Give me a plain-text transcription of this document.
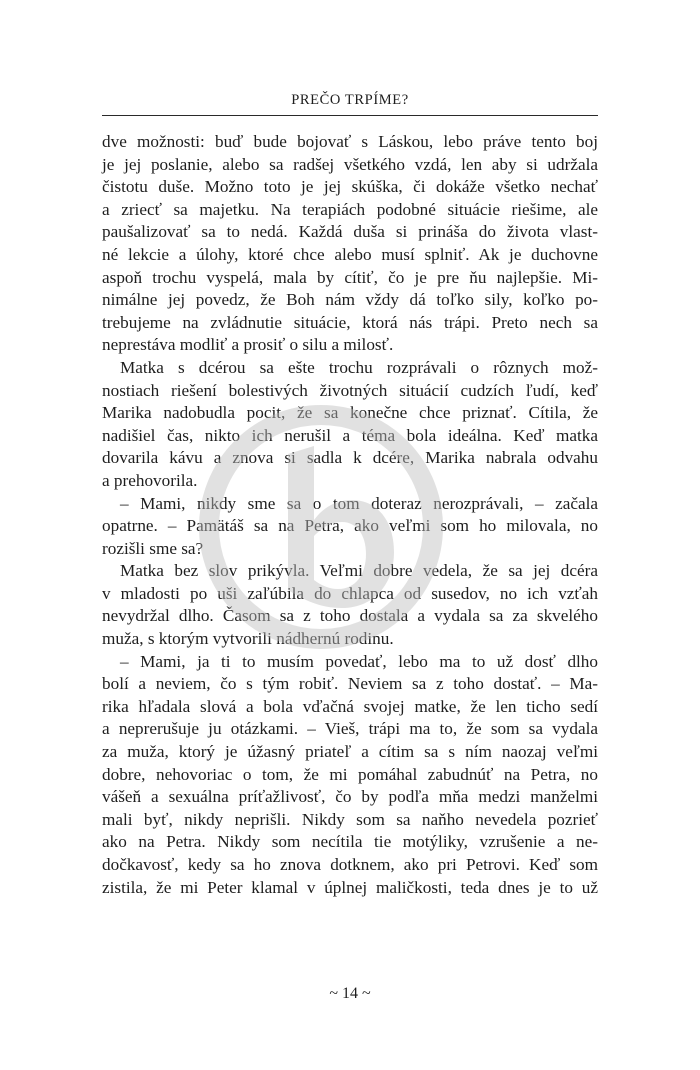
PREČO TRPÍME?
dve možnosti: buď bude bojovať s Láskou, lebo práve tento boj
je jej poslanie, alebo sa radšej všetkého vzdá, len aby si udržala
čistotu duše. Možno toto je jej skúška, či dokáže všetko nechať
a zriecť sa majetku. Na terapiách podobné situácie riešime, ale
paušalizovať sa to nedá. Každá duša si prináša do života vlast-
né lekcie a úlohy, ktoré chce alebo musí splniť. Ak je duchovne
aspoň trochu vyspelá, mala by cítiť, čo je pre ňu najlepšie. Mi-
nimálne jej povedz, že Boh nám vždy dá toľko sily, koľko po-
trebujeme na zvládnutie situácie, ktorá nás trápi. Preto nech sa
neprestáva modliť a prosiť o silu a milosť.
Matka s dcérou sa ešte trochu rozprávali o rôznych mož-
nostiach riešení bolestivých životných situácií cudzích ľudí, keď
Marika nadobudla pocit, že sa konečne chce priznať. Cítila, že
nadišiel čas, nikto ich nerušil a téma bola ideálna. Keď matka
dovarila kávu a znova si sadla k dcére, Marika nabrala odvahu
a prehovorila.
– Mami, nikdy sme sa o tom doteraz nerozprávali, – začala
opatrne. – Pamätáš sa na Petra, ako veľmi som ho milovala, no
rozišli sme sa?
Matka bez slov prikývla. Veľmi dobre vedela, že sa jej dcéra
v mladosti po uši zaľúbila do chlapca od susedov, no ich vzťah
nevydržal dlho. Časom sa z toho dostala a vydala sa za skvelého
muža, s ktorým vytvorili nádhernú rodinu.
– Mami, ja ti to musím povedať, lebo ma to už dosť dlho
bolí a neviem, čo s tým robiť. Neviem sa z toho dostať. – Ma-
rika hľadala slová a bola vďačná svojej matke, že len ticho sedí
a neprerušuje ju otázkami. – Vieš, trápi ma to, že som sa vydala
za muža, ktorý je úžasný priateľ a cítim sa s ním naozaj veľmi
dobre, nehovoriac o tom, že mi pomáhal zabudnúť na Petra, no
vášeň a sexuálna príťažlivosť, čo by podľa mňa medzi manželmi
mali byť, nikdy neprišli. Nikdy som sa naňho nevedela pozrieť
ako na Petra. Nikdy som necítila tie motýliky, vzrušenie a ne-
dočkavosť, kedy sa ho znova dotknem, ako pri Petrovi. Keď som
zistila, že mi Peter klamal v úplnej maličkosti, teda dnes je to už
~ 14 ~
